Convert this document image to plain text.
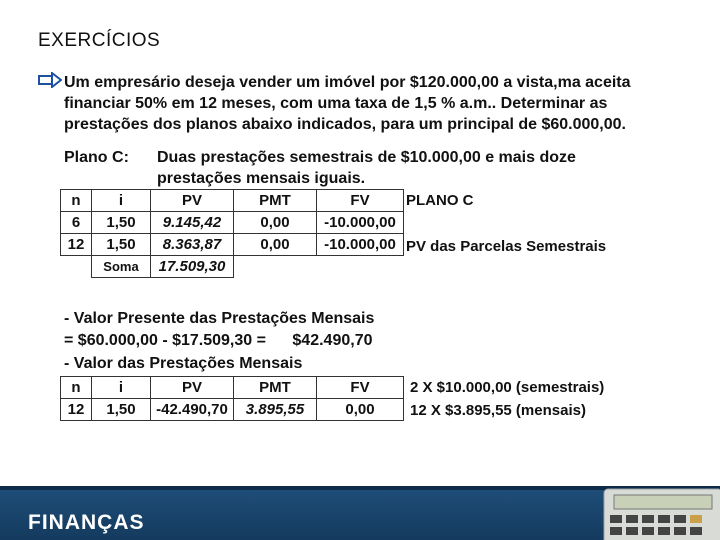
EXERCÍCIOS
Um empresário deseja vender um imóvel por $120.000,00 a vista,ma aceita
financiar 50% em 12 meses, com uma taxa de 1,5 % a.m.. Determinar as
prestações dos planos abaixo indicados, para um principal de $60.000,00.
Plano C: Duas prestações semestrais de $10.000,00 e mais doze
prestações mensais iguais.
n	i	PV	PMT	FV
6	1,50	9.145,42	0,00	-10.000,00
12	1,50	8.363,87	0,00	-10.000,00
	Soma	17.509,30		
PLANO C
PV das Parcelas Semestrais
- Valor Presente das Prestações Mensais
= $60.000,00 - $17.509,30 = $42.490,70
- Valor das Prestações Mensais
n	i	PV	PMT	FV
12	1,50	-42.490,70	3.895,55	0,00
2 X $10.000,00 (semestrais)
12 X $3.895,55 (mensais)
FINANÇAS
